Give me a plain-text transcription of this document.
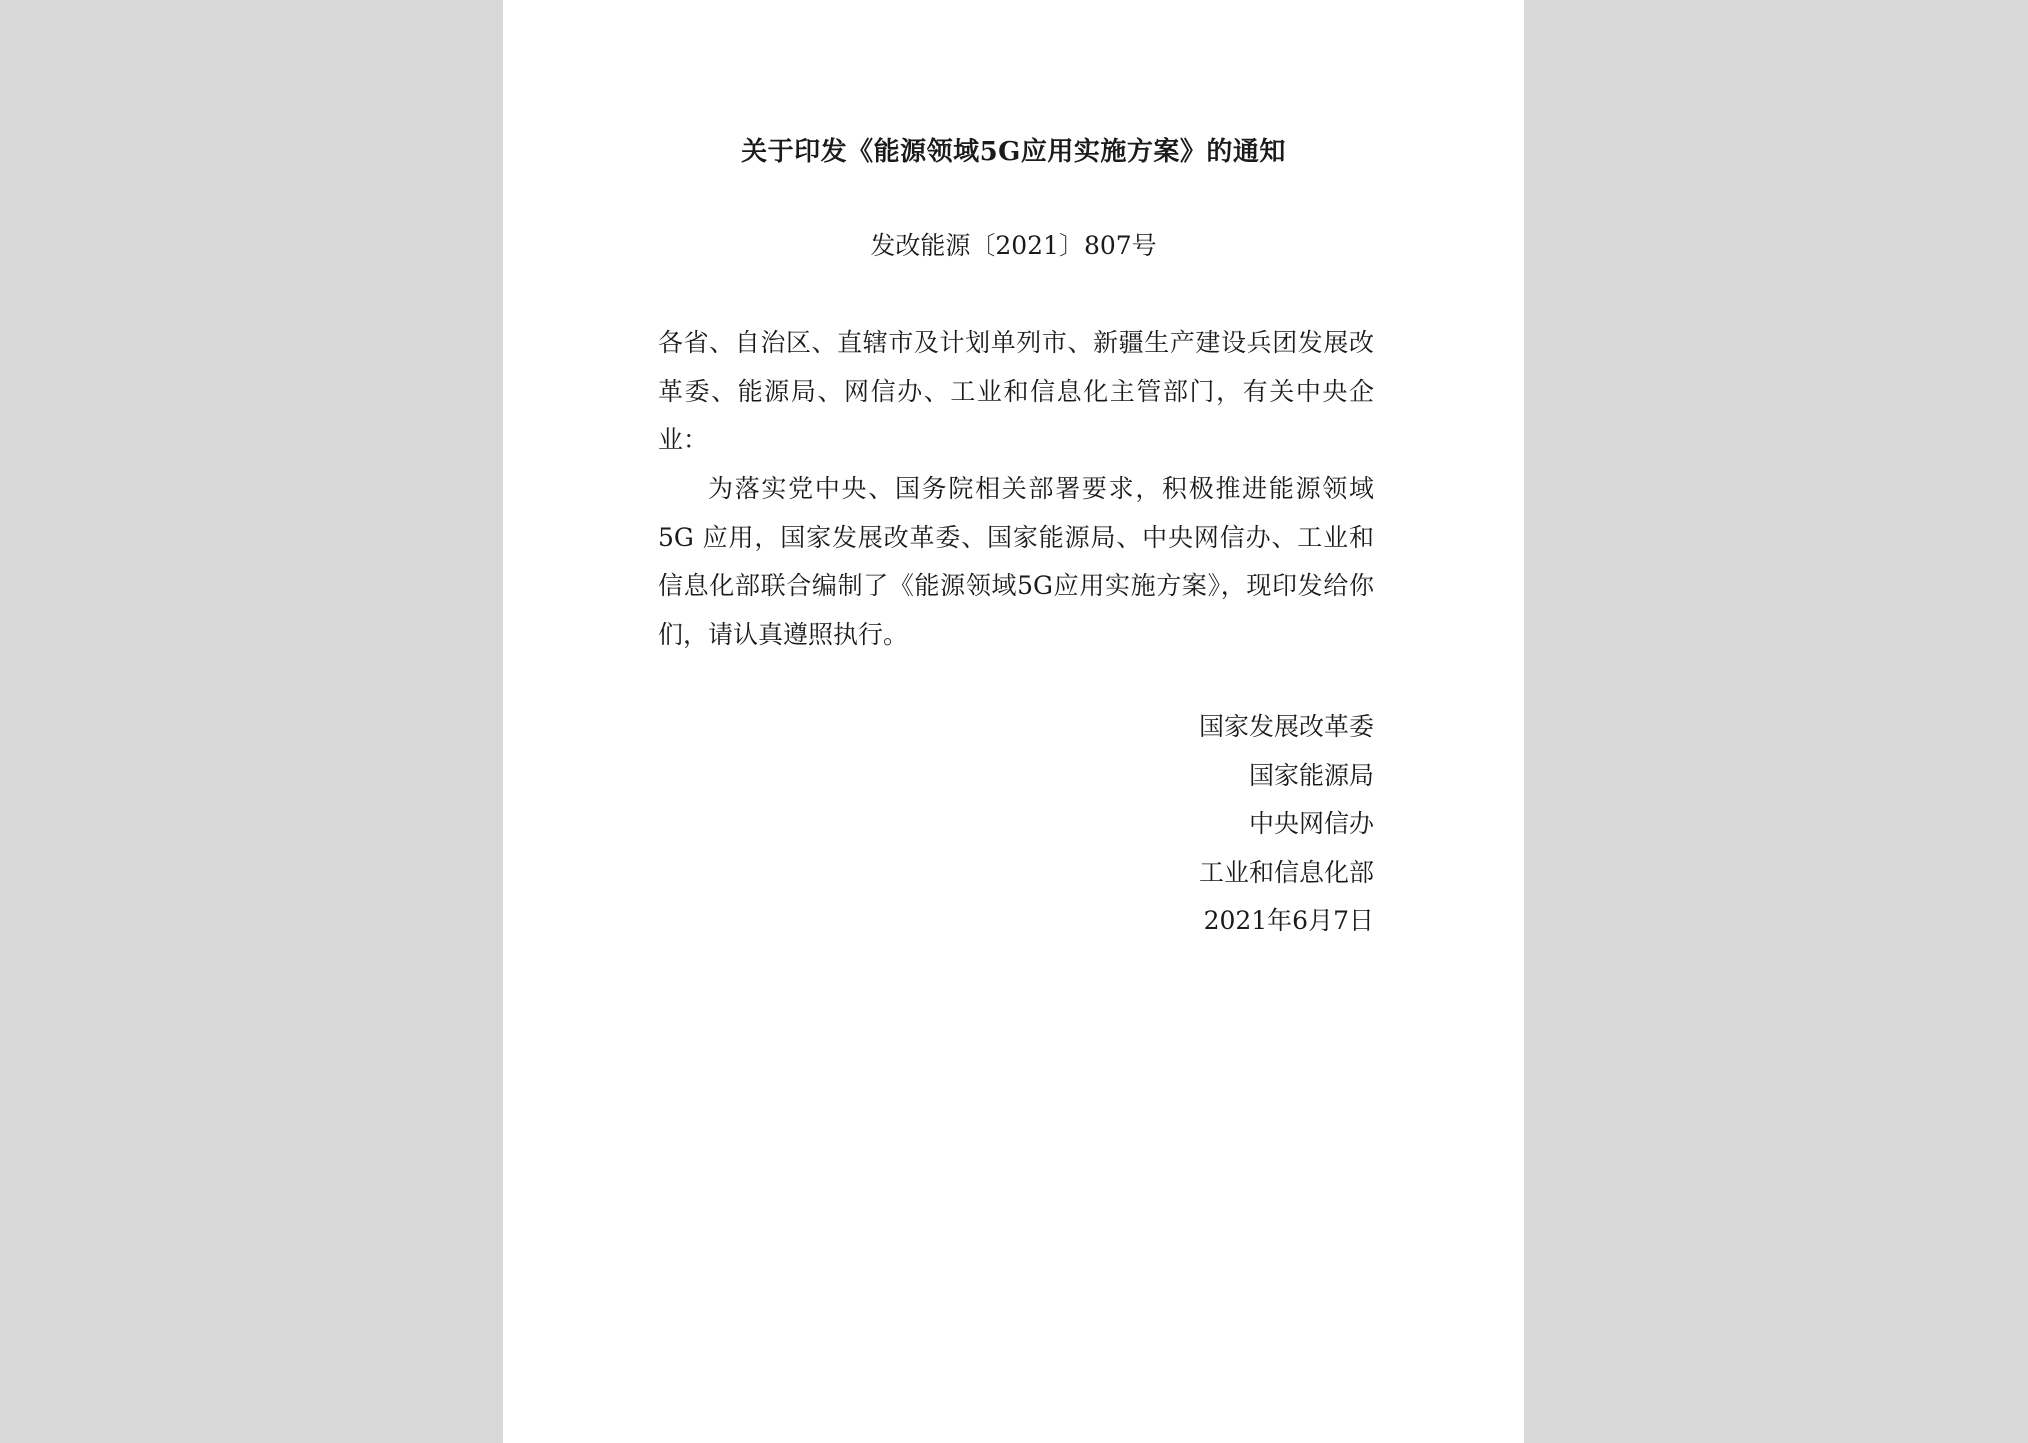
关于印发《能源领域5G应用实施方案》的通知
发改能源〔2021〕807号

各省、自治区、直辖市及计划单列市、新疆生产建设兵团发展改革委、能源局、网信办、工业和信息化主管部门，有关中央企业：

为落实党中央、国务院相关部署要求，积极推进能源领域 5G 应用，国家发展改革委、国家能源局、中央网信办、工业和信息化部联合编制了《能源领域5G应用实施方案》，现印发给你们，请认真遵照执行。

国家发展改革委
国家能源局
中央网信办
工业和信息化部
2021年6月7日
